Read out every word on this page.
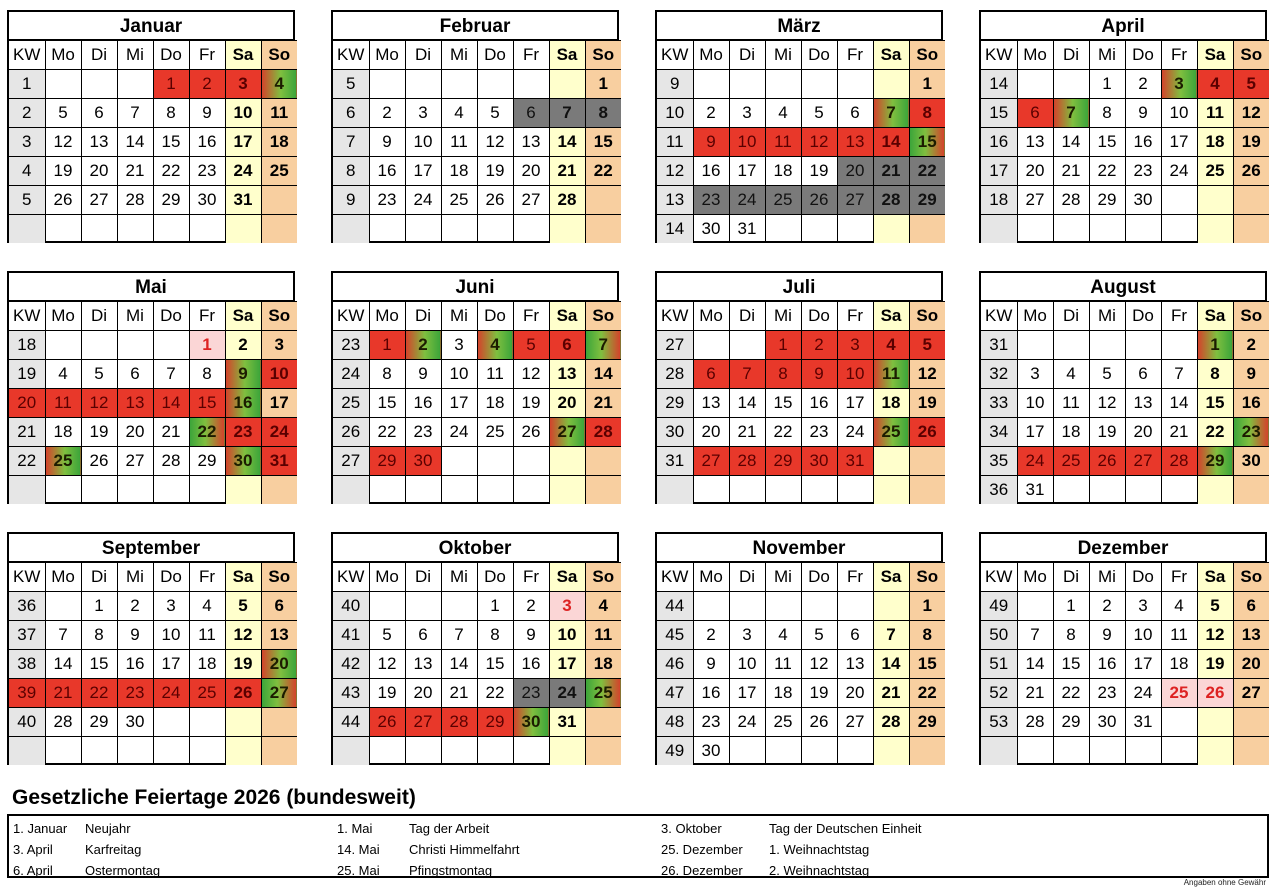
Januar
KW	Mo	Di	Mi	Do	Fr	Sa	So
1				1	2	3	4
2	5	6	7	8	9	10	11
3	12	13	14	15	16	17	18
4	19	20	21	22	23	24	25
5	26	27	28	29	30	31	

Februar
KW	Mo	Di	Mi	Do	Fr	Sa	So
5							1
6	2	3	4	5	6	7	8
7	9	10	11	12	13	14	15
8	16	17	18	19	20	21	22
9	23	24	25	26	27	28	

März
KW	Mo	Di	Mi	Do	Fr	Sa	So
9							1
10	2	3	4	5	6	7	8
11	9	10	11	12	13	14	15
12	16	17	18	19	20	21	22
13	23	24	25	26	27	28	29
14	30	31					
April
KW	Mo	Di	Mi	Do	Fr	Sa	So
14			1	2	3	4	5
15	6	7	8	9	10	11	12
16	13	14	15	16	17	18	19
17	20	21	22	23	24	25	26
18	27	28	29	30			

Mai
KW	Mo	Di	Mi	Do	Fr	Sa	So
18					1	2	3
19	4	5	6	7	8	9	10
20	11	12	13	14	15	16	17
21	18	19	20	21	22	23	24
22	25	26	27	28	29	30	31

Juni
KW	Mo	Di	Mi	Do	Fr	Sa	So
23	1	2	3	4	5	6	7
24	8	9	10	11	12	13	14
25	15	16	17	18	19	20	21
26	22	23	24	25	26	27	28
27	29	30					

Juli
KW	Mo	Di	Mi	Do	Fr	Sa	So
27			1	2	3	4	5
28	6	7	8	9	10	11	12
29	13	14	15	16	17	18	19
30	20	21	22	23	24	25	26
31	27	28	29	30	31		

August
KW	Mo	Di	Mi	Do	Fr	Sa	So
31						1	2
32	3	4	5	6	7	8	9
33	10	11	12	13	14	15	16
34	17	18	19	20	21	22	23
35	24	25	26	27	28	29	30
36	31						
September
KW	Mo	Di	Mi	Do	Fr	Sa	So
36		1	2	3	4	5	6
37	7	8	9	10	11	12	13
38	14	15	16	17	18	19	20
39	21	22	23	24	25	26	27
40	28	29	30				

Oktober
KW	Mo	Di	Mi	Do	Fr	Sa	So
40				1	2	3	4
41	5	6	7	8	9	10	11
42	12	13	14	15	16	17	18
43	19	20	21	22	23	24	25
44	26	27	28	29	30	31	

November
KW	Mo	Di	Mi	Do	Fr	Sa	So
44							1
45	2	3	4	5	6	7	8
46	9	10	11	12	13	14	15
47	16	17	18	19	20	21	22
48	23	24	25	26	27	28	29
49	30						
Dezember
KW	Mo	Di	Mi	Do	Fr	Sa	So
49		1	2	3	4	5	6
50	7	8	9	10	11	12	13
51	14	15	16	17	18	19	20
52	21	22	23	24	25	26	27
53	28	29	30	31			

Gesetzliche Feiertage 2026 (bundesweit)
1. Januar Neujahr
3. April Karfreitag
6. April Ostermontag
1. Mai	Tag der Arbeit
14. Mai Christi Himmelfahrt
25. Mai Pfingstmontag
3. Oktober	Tag der Deutschen Einheit
25. Dezember 1. Weihnachtstag
26. Dezember 2. Weihnachtstag
Angaben ohne Gewähr
